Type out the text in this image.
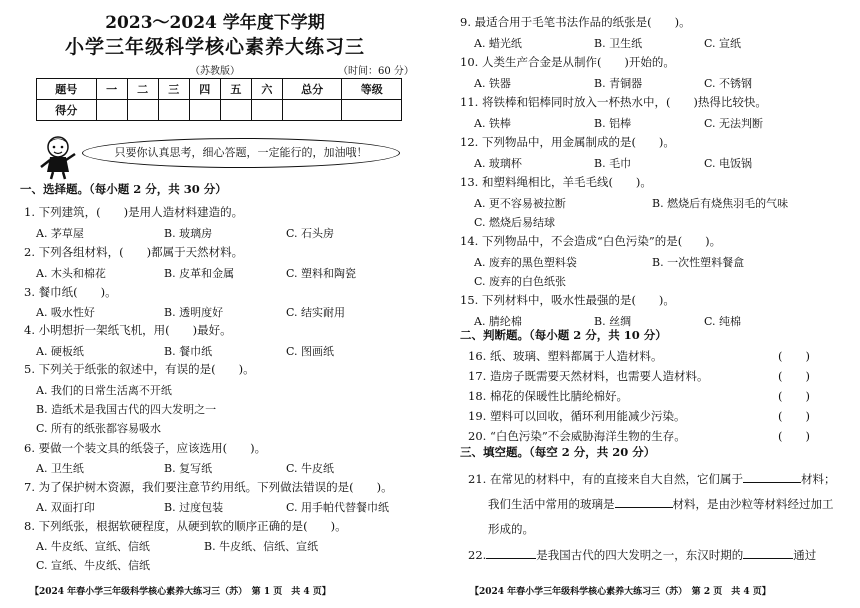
2023～2024 学年度下学期
小学三年级科学核心素养大练习三
（苏教版）	（时间：60 分）
题号	一	二	三	四	五	六	总分	等级
得分								
只要你认真思考，细心答题，一定能行的，加油哦！
一、选择题。（每小题 2 分，共 30 分）
1. 下列建筑，(　　)是用人造材料建造的。
A. 茅草屋	B. 玻璃房	C. 石头房
2. 下列各组材料，(　　)都属于天然材料。
A. 木头和棉花	B. 皮革和金属	C. 塑料和陶瓷
3. 餐巾纸(　　)。
A. 吸水性好	B. 透明度好	C. 结实耐用
4. 小明想折一架纸飞机，用(　　)最好。
A. 硬板纸	B. 餐巾纸	C. 图画纸
5. 下列关于纸张的叙述中，有误的是(　　)。
A. 我们的日常生活离不开纸
B. 造纸术是我国古代的四大发明之一
C. 所有的纸张都容易吸水
6. 要做一个装文具的纸袋子，应该选用(　　)。
A. 卫生纸	B. 复写纸	C. 牛皮纸
7. 为了保护树木资源，我们要注意节约用纸。下列做法错误的是(　　)。
A. 双面打印	B. 过度包装	C. 用手帕代替餐巾纸
8. 下列纸张，根据软硬程度，从硬到软的顺序正确的是(　　)。
A. 牛皮纸、宣纸、信纸	B. 牛皮纸、信纸、宣纸
C. 宣纸、牛皮纸、信纸
【2024 年春小学三年级科学核心素养大练习三（苏）　第 1 页　共 4 页】
9. 最适合用于毛笔书法作品的纸张是(　　)。
A. 蜡光纸	B. 卫生纸	C. 宣纸
10. 人类生产合金是从制作(　　)开始的。
A. 铁器	B. 青铜器	C. 不锈钢
11. 将铁棒和铝棒同时放入一杯热水中，(　　)热得比较快。
A. 铁棒	B. 铝棒	C. 无法判断
12. 下列物品中，用金属制成的是(　　)。
A. 玻璃杯	B. 毛巾	C. 电饭锅
13. 和塑料绳相比，羊毛毛线(　　)。
A. 更不容易被拉断	B. 燃烧后有烧焦羽毛的气味
C. 燃烧后易结球
14. 下列物品中，不会造成“白色污染”的是(　　)。
A. 废弃的黑色塑料袋	B. 一次性塑料餐盒
C. 废弃的白色纸张
15. 下列材料中，吸水性最强的是(　　)。
A. 腈纶棉	B. 丝绸	C. 纯棉
二、判断题。（每小题 2 分，共 10 分）
16. 纸、玻璃、塑料都属于人造材料。	(　　)
17. 造房子既需要天然材料，也需要人造材料。	(　　)
18. 棉花的保暖性比腈纶棉好。	(　　)
19. 塑料可以回收，循环利用能减少污染。	(　　)
20. “白色污染”不会威胁海洋生物的生存。	(　　)
三、填空题。（每空 2 分，共 20 分）
21. 在常见的材料中，有的直接来自大自然，它们属于	材料；
我们生活中常用的玻璃是	材料，是由沙粒等材料经过加工
形成的。
22.	是我国古代的四大发明之一，东汉时期的	通过
【2024 年春小学三年级科学核心素养大练习三（苏）　第 2 页　共 4 页】
